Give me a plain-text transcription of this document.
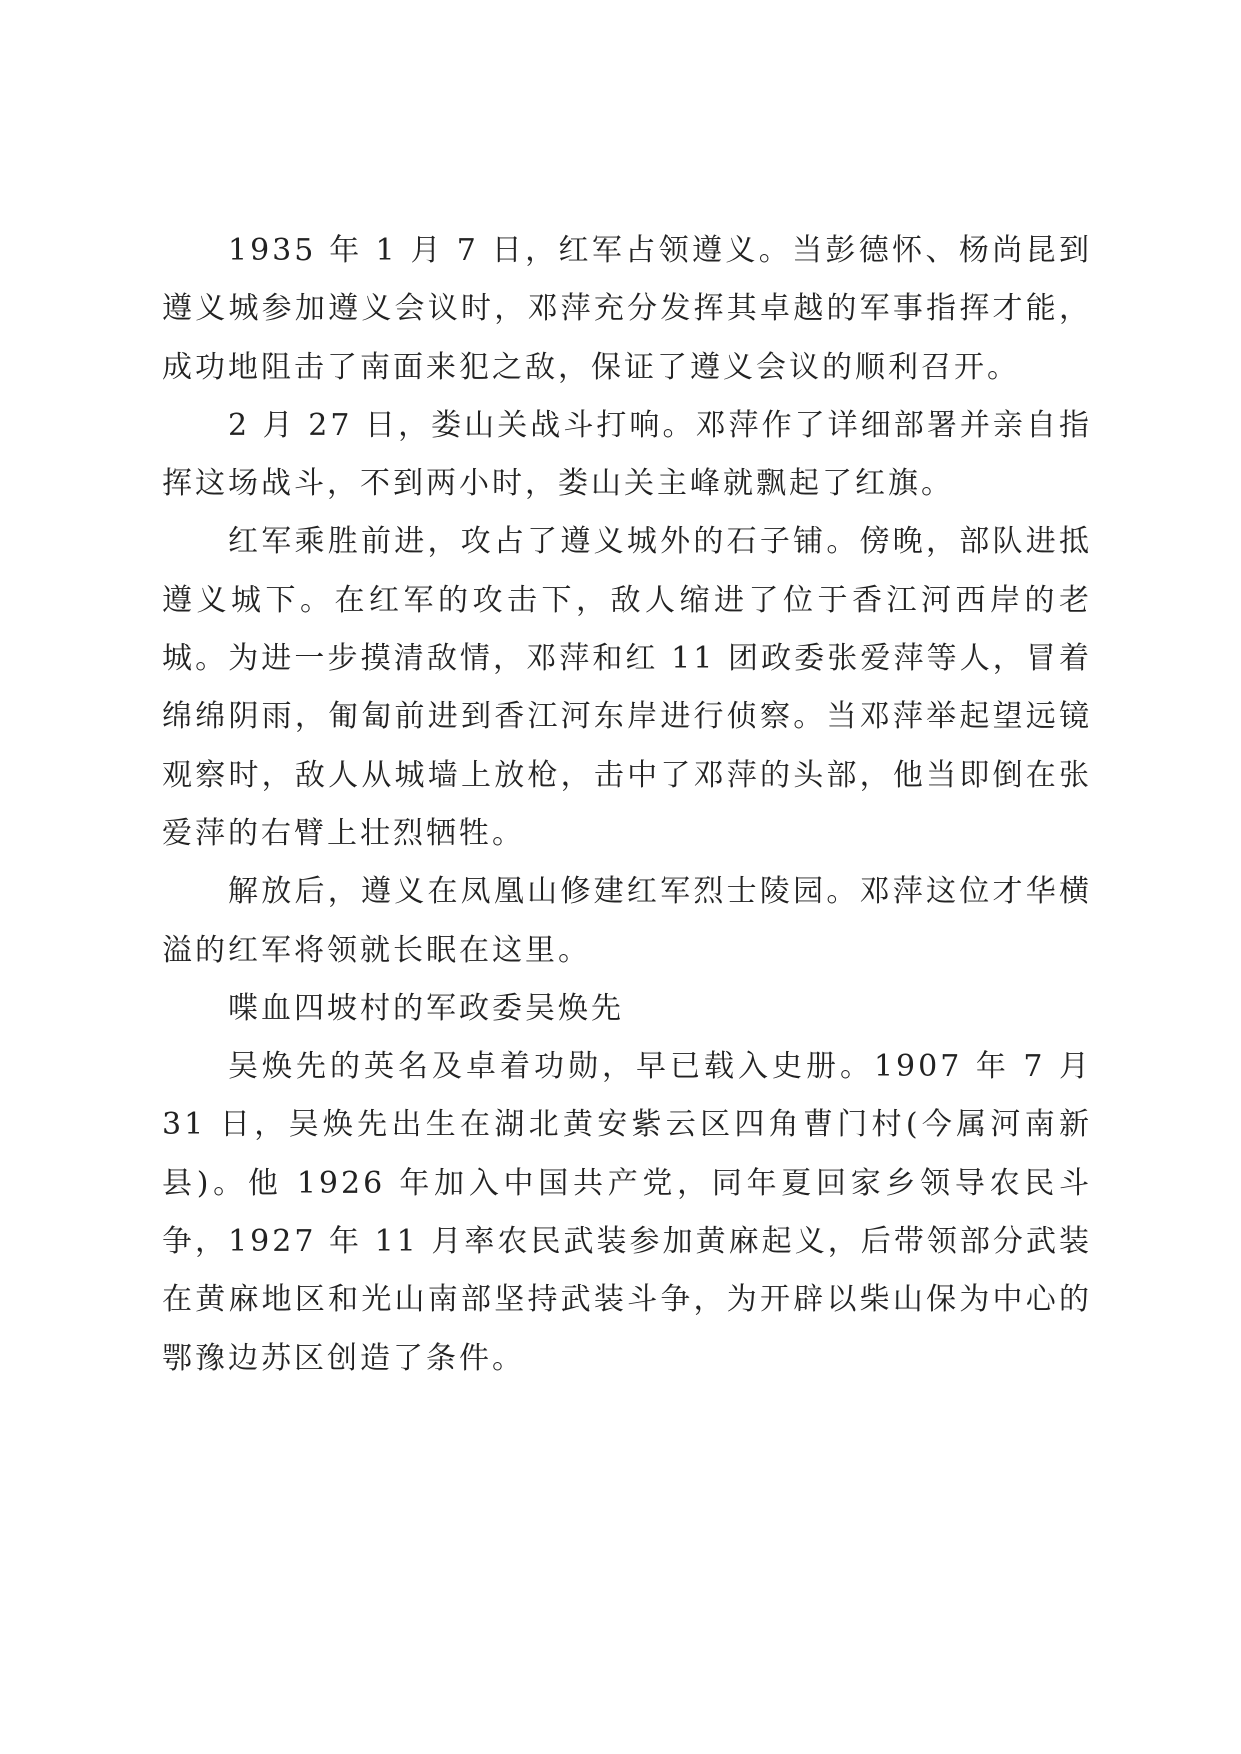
1935 年 1 月 7 日，红军占领遵义。当彭德怀、杨尚昆到遵义城参加遵义会议时，邓萍充分发挥其卓越的军事指挥才能，成功地阻击了南面来犯之敌，保证了遵义会议的顺利召开。

2 月 27 日，娄山关战斗打响。邓萍作了详细部署并亲自指挥这场战斗，不到两小时，娄山关主峰就飘起了红旗。

红军乘胜前进，攻占了遵义城外的石子铺。傍晚，部队进抵遵义城下。在红军的攻击下，敌人缩进了位于香江河西岸的老城。为进一步摸清敌情，邓萍和红 11 团政委张爱萍等人，冒着绵绵阴雨，匍匐前进到香江河东岸进行侦察。当邓萍举起望远镜观察时，敌人从城墙上放枪，击中了邓萍的头部，他当即倒在张爱萍的右臂上壮烈牺牲。

解放后，遵义在凤凰山修建红军烈士陵园。邓萍这位才华横溢的红军将领就长眠在这里。

喋血四坡村的军政委吴焕先

吴焕先的英名及卓着功勋，早已载入史册。1907 年 7 月 31 日，吴焕先出生在湖北黄安紫云区四角曹门村(今属河南新县)。他 1926 年加入中国共产党，同年夏回家乡领导农民斗争，1927 年 11 月率农民武装参加黄麻起义，后带领部分武装在黄麻地区和光山南部坚持武装斗争，为开辟以柴山保为中心的鄂豫边苏区创造了条件。
